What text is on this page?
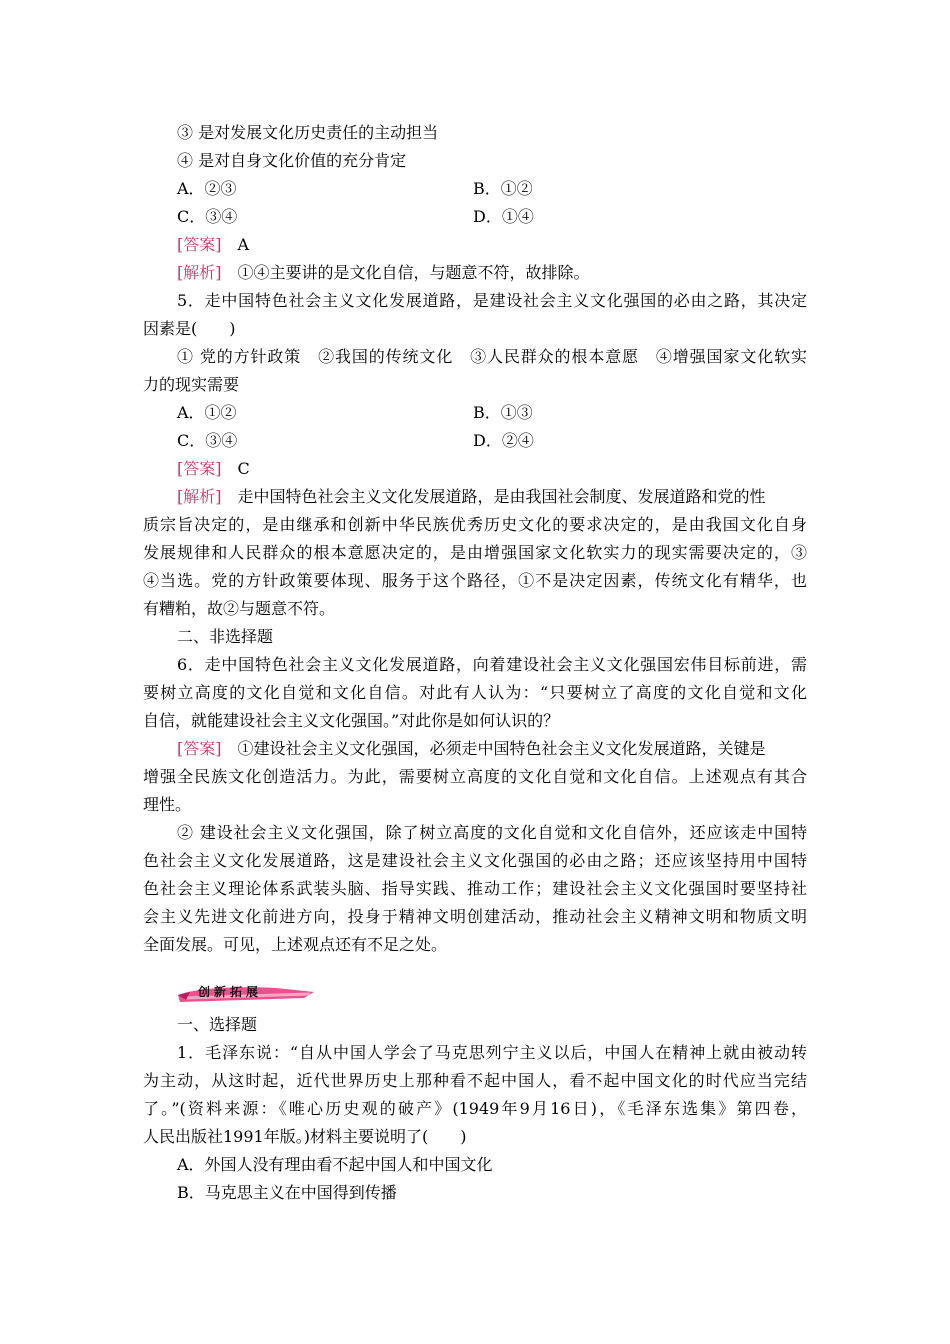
③ 是对发展文化历史责任的主动担当
④ 是对自身文化价值的充分肯定
A．②③	B．①②
C．③④	D．①④
[答案]　 A
[解析]　 ①④主要讲的是文化自信，与题意不符，故排除。
5．走中国特色社会主义文化发展道路，是建设社会主义文化强国的必由之路，其决定
因素是(　　)
① 党的方针政策　②我国的传统文化　③人民群众的根本意愿　④增强国家文化软实
力的现实需要
A．①②	B．①③
C．③④	D．②④
[答案]　 C
[解析]　 走中国特色社会主义文化发展道路，是由我国社会制度、发展道路和党的性
质宗旨决定的，是由继承和创新中华民族优秀历史文化的要求决定的，是由我国文化自身
发展规律和人民群众的根本意愿决定的，是由增强国家文化软实力的现实需要决定的，③
④当选。党的方针政策要体现、服务于这个路径，①不是决定因素，传统文化有精华，也
有糟粕，故②与题意不符。
二、非选择题
6．走中国特色社会主义文化发展道路，向着建设社会主义文化强国宏伟目标前进，需
要树立高度的文化自觉和文化自信。对此有人认为：“只要树立了高度的文化自觉和文化
自信，就能建设社会主义文化强国。”对此你是如何认识的？
[答案]　 ①建设社会主义文化强国，必须走中国特色社会主义文化发展道路，关键是
增强全民族文化创造活力。为此，需要树立高度的文化自觉和文化自信。上述观点有其合
理性。
② 建设社会主义文化强国，除了树立高度的文化自觉和文化自信外，还应该走中国特
色社会主义文化发展道路，这是建设社会主义文化强国的必由之路；还应该坚持用中国特
色社会主义理论体系武装头脑、指导实践、推动工作；建设社会主义文化强国时要坚持社
会主义先进文化前进方向，投身于精神文明创建活动，推动社会主义精神文明和物质文明
全面发展。可见，上述观点还有不足之处。
创新拓展
一、选择题
1．毛泽东说：“自从中国人学会了马克思列宁主义以后，中国人在精神上就由被动转
为主动，从这时起，近代世界历史上那种看不起中国人，看不起中国文化的时代应当完结
了。”(资料来源：《唯心历史观的破产》(1949年9月16日)，《毛泽东选集》第四卷，
人民出版社1991年版。)材料主要说明了(　　)
A．外国人没有理由看不起中国人和中国文化
B．马克思主义在中国得到传播
